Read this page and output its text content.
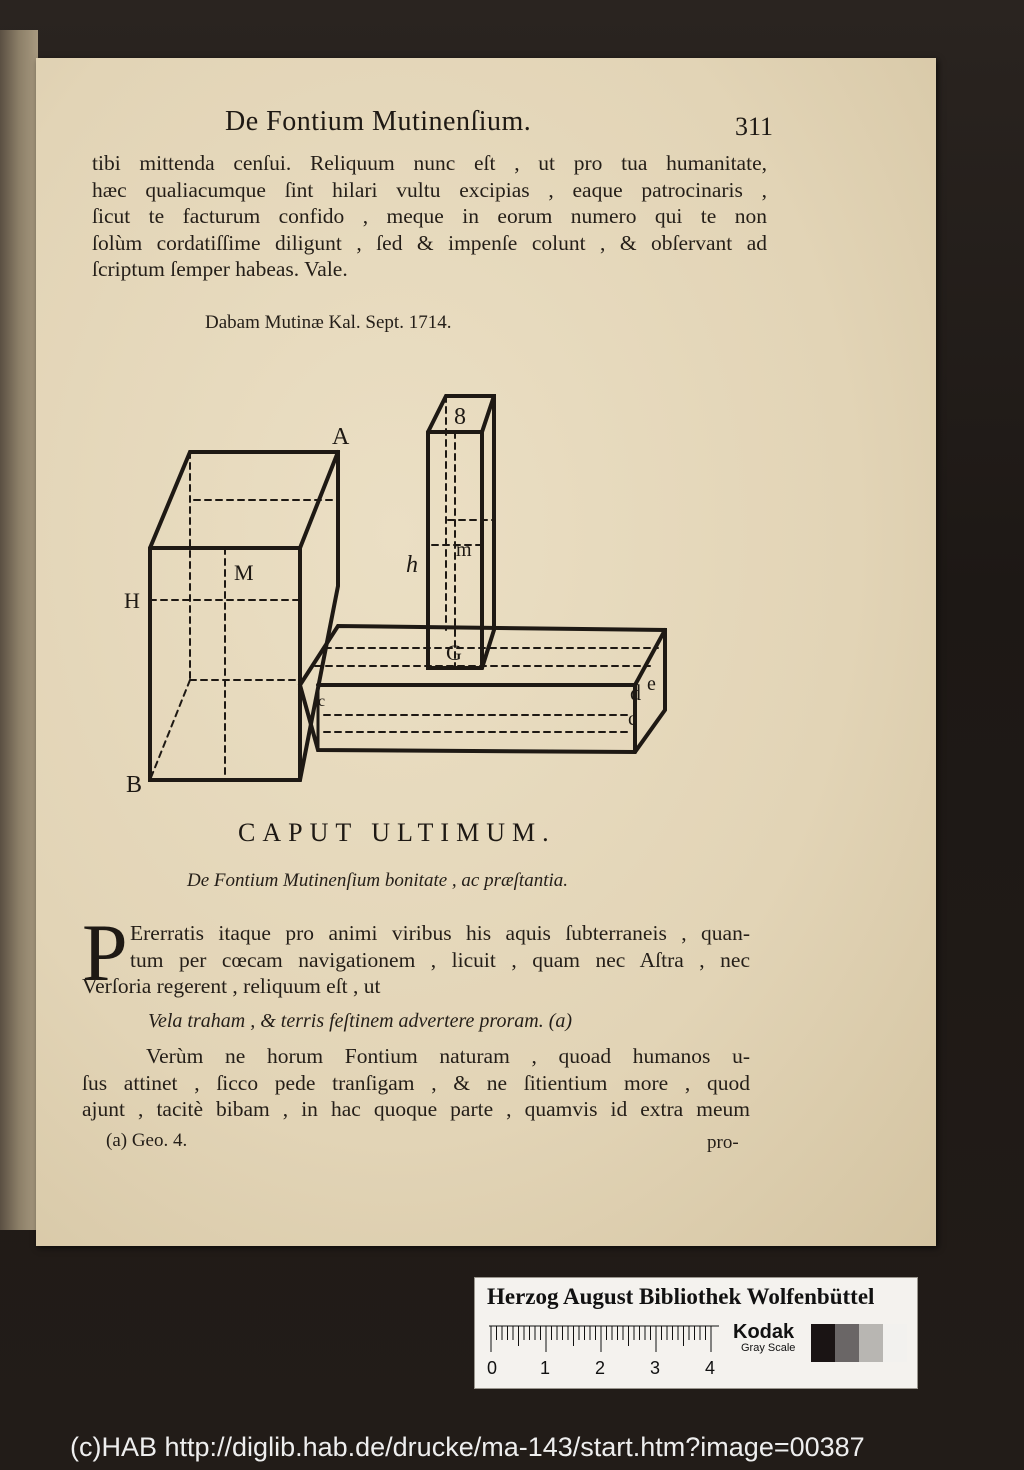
De Fontium Mutinenſium.	311
tibi mittenda cenſui. Reliquum nunc eſt , ut pro tua humanitate,
hæc qualiacumque ſint hilari vultu excipias , eaque patrocinaris ,
ſicut te facturum confido , meque in eorum numero qui te non
ſolùm cordatiſſime diligunt , ſed & impenſe colunt , & obſervant ad
ſcriptum ſemper habeas. Vale.
Dabam Mutinæ Kal. Sept. 1714.
A
B
H
M
8
m
h
G
c	d e
c
CAPUT ULTIMUM.
De Fontium Mutinenſium bonitate , ac præſtantia.
P Ererratis itaque pro animi viribus his aquis ſubterraneis , quan-
tum per cœcam navigationem , licuit , quam nec Aſtra , nec
Verſoria regerent , reliquum eſt , ut
Vela traham , & terris feſtinem advertere proram. (a)
Verùm ne horum Fontium naturam , quoad humanos u-
ſus attinet , ſicco pede tranſigam , & ne ſitientium more , quod
ajunt , tacitè bibam , in hac quoque parte , quamvis id extra meum
(a) Geo. 4.	pro-
Herzog August Bibliothek Wolfenbüttel
0 1 2 3 4
Kodak
Gray Scale
(c)HAB http://diglib.hab.de/drucke/ma-143/start.htm?image=00387
